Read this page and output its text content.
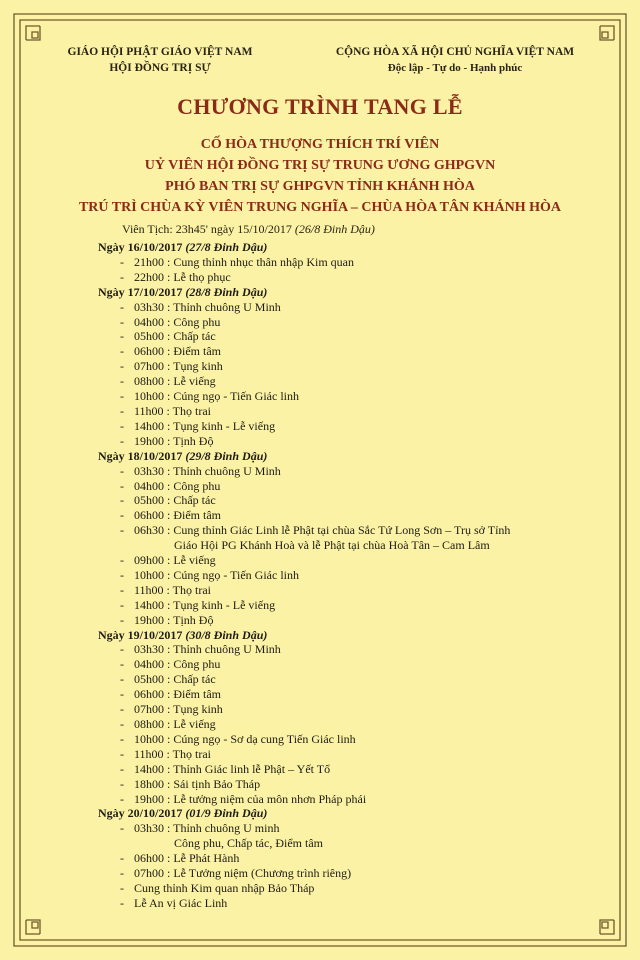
GIÁO HỘI PHẬT GIÁO VIỆT NAM
HỘI ĐỒNG TRỊ SỰ
CỘNG HÒA XÃ HỘI CHỦ NGHĨA VIỆT NAM
Độc lập - Tự do - Hạnh phúc
CHƯƠNG TRÌNH TANG LỄ
CỐ HÒA THƯỢNG THÍCH TRÍ VIÊN
UỶ VIÊN HỘI ĐỒNG TRỊ SỰ TRUNG ƯƠNG GHPGVN
PHÓ BAN TRỊ SỰ GHPGVN TỈNH KHÁNH HÒA
TRÚ TRÌ CHÙA KỲ VIÊN TRUNG NGHĨA – CHÙA HÒA TÂN KHÁNH HÒA
Viên Tịch: 23h45' ngày 15/10/2017 (26/8 Đinh Dậu)
Ngày 16/10/2017 (27/8 Đinh Dậu)
- 21h00 : Cung thỉnh nhục thân nhập Kim quan
- 22h00 : Lễ thọ phục
Ngày 17/10/2017 (28/8 Đinh Dậu)
- 03h30 : Thỉnh chuông U Minh
- 04h00 : Công phu
- 05h00 : Chấp tác
- 06h00 : Điểm tâm
- 07h00 : Tụng kinh
- 08h00 : Lễ viếng
- 10h00 : Cúng ngọ - Tiến Giác linh
- 11h00 : Thọ trai
- 14h00 : Tụng kinh - Lễ viếng
- 19h00 : Tịnh Độ
Ngày 18/10/2017 (29/8 Đinh Dậu)
- 03h30 : Thỉnh chuông U Minh
- 04h00 : Công phu
- 05h00 : Chấp tác
- 06h00 : Điểm tâm
- 06h30 : Cung thỉnh Giác Linh lễ Phật tại chùa Sắc Tứ Long Sơn – Trụ sở Tỉnh
Giáo Hội PG Khánh Hoà và lễ Phật tại chùa Hoà Tân – Cam Lâm
- 09h00 : Lễ viếng
- 10h00 : Cúng ngọ - Tiến Giác linh
- 11h00 : Thọ trai
- 14h00 : Tụng kinh - Lễ viếng
- 19h00 : Tịnh Độ
Ngày 19/10/2017 (30/8 Đinh Dậu)
- 03h30 : Thỉnh chuông U Minh
- 04h00 : Công phu
- 05h00 : Chấp tác
- 06h00 : Điểm tâm
- 07h00 : Tụng kinh
- 08h00 : Lễ viếng
- 10h00 : Cúng ngọ - Sơ dạ cung Tiến Giác linh
- 11h00 : Thọ trai
- 14h00 : Thỉnh Giác linh lễ Phật – Yết Tổ
- 18h00 : Sái tịnh Bảo Tháp
- 19h00 : Lễ tưởng niệm của môn nhơn Pháp phái
Ngày 20/10/2017 (01/9 Đinh Dậu)
- 03h30 : Thỉnh chuông U minh
Công phu, Chấp tác, Điểm tâm
- 06h00 : Lễ Phát Hành
- 07h00 : Lễ Tưởng niệm (Chương trình riêng)
- Cung thỉnh Kim quan nhập Bảo Tháp
- Lễ An vị Giác Linh
